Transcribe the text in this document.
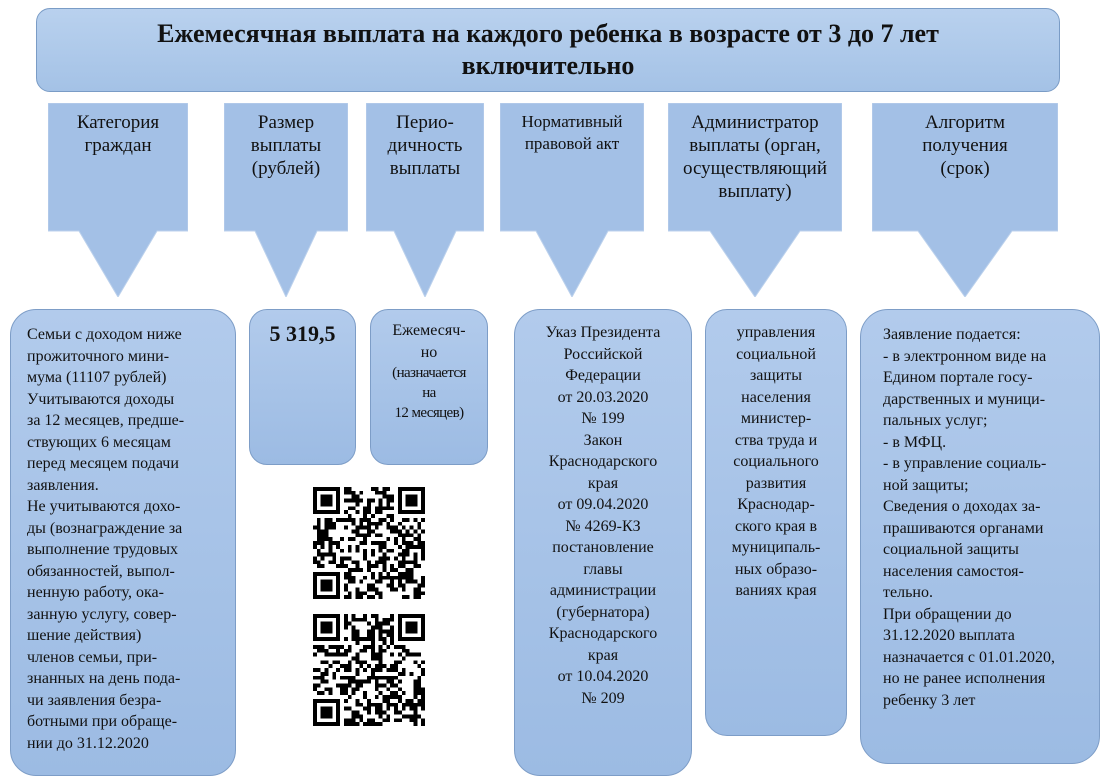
Ежемесячная выплата на каждого ребенка в возрасте от 3 до 7 лет включительно
Категория
граждан
Размер
выплаты
(рублей)
Перио-
дичность
выплаты
Нормативный
правовой акт
Администратор
выплаты (орган,
осуществляющий
выплату)
Алгоритм
получения
(срок)
Семьи с доходом ниже
прожиточного мини-
мума (11107 рублей)
Учитываются доходы
за 12 месяцев, предше-
ствующих 6 месяцам
перед месяцем подачи
заявления.
Не учитываются дохо-
ды (вознаграждение за
выполнение трудовых
обязанностей, выпол-
ненную работу, ока-
занную услугу, совер-
шение действия)
членов семьи, при-
знанных на день пода-
чи заявления безра-
ботными при обраще-
нии до 31.12.2020
5 319,5	Ежемесяч-
но
(назначается
на
12 месяцев)
Указ Президента
Российской
Федерации
от 20.03.2020
№ 199
Закон
Краснодарского
края
от 09.04.2020
№ 4269-КЗ
постановление
главы
администрации
(губернатора)
Краснодарского
края
от 10.04.2020
№ 209
управления
социальной
защиты
населения
министер-
ства труда и
социального
развития
Краснодар-
ского края в
муниципаль-
ных образо-
ваниях края
Заявление подается:
- в электронном виде на
Едином портале госу-
дарственных и муници-
пальных услуг;
- в МФЦ.
- в управление социаль-
ной защиты;
Сведения о доходах за-
прашиваются органами
социальной защиты
населения самостоя-
тельно.
При обращении до
31.12.2020 выплата
назначается с 01.01.2020,
но не ранее исполнения
ребенку 3 лет
